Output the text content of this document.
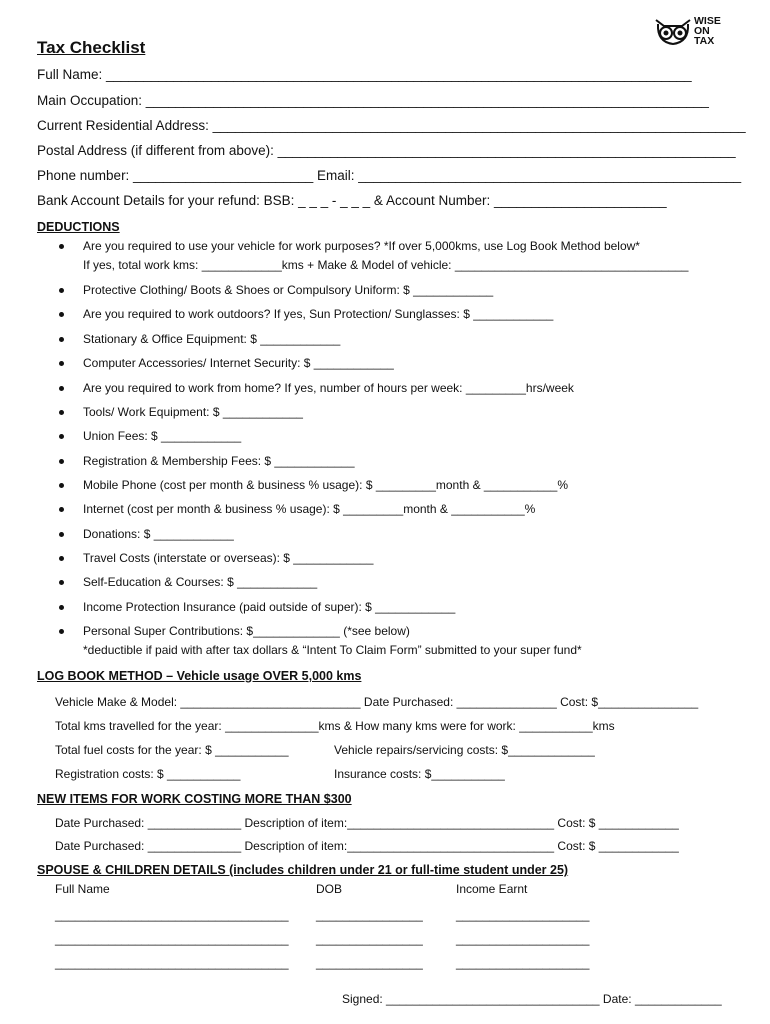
WISE
ON
TAX
Tax Checklist
Full Name: ______________________________________________________________________________
Main Occupation: ___________________________________________________________________________
Current Residential Address: _______________________________________________________________________
Postal Address (if different from above): _____________________________________________________________
Phone number: ________________________ Email: ___________________________________________________
Bank Account Details for your refund: BSB: _ _ _ - _ _ _ & Account Number: _______________________
DEDUCTIONS
Are you required to use your vehicle for work purposes? *If over 5,000kms, use Log Book Method below*
If yes, total work kms: ____________kms + Make & Model of vehicle: ___________________________________
Protective Clothing/ Boots & Shoes or Compulsory Uniform: $ ____________
Are you required to work outdoors? If yes, Sun Protection/ Sunglasses: $ ____________
Stationary & Office Equipment: $ ____________
Computer Accessories/ Internet Security: $ ____________
Are you required to work from home? If yes, number of hours per week: _________hrs/week
Tools/ Work Equipment: $ ____________
Union Fees: $ ____________
Registration & Membership Fees: $ ____________
Mobile Phone (cost per month & business % usage): $ _________month & ___________%
Internet (cost per month & business % usage): $ _________month & ___________%
Donations: $ ____________
Travel Costs (interstate or overseas): $ ____________
Self-Education & Courses: $ ____________
Income Protection Insurance (paid outside of super): $ ____________
Personal Super Contributions: $_____________ (*see below)
*deductible if paid with after tax dollars & “Intent To Claim Form” submitted to your super fund*
LOG BOOK METHOD – Vehicle usage OVER 5,000 kms
Vehicle Make & Model: ___________________________ Date Purchased: _______________ Cost: $_______________
Total kms travelled for the year: ______________kms & How many kms were for work: ___________kms
Total fuel costs for the year: $ ___________	Vehicle repairs/servicing costs: $_____________
Registration costs: $ ___________	Insurance costs: $___________
NEW ITEMS FOR WORK COSTING MORE THAN $300
Date Purchased: ______________ Description of item:_______________________________ Cost: $ ____________
Date Purchased: ______________ Description of item:_______________________________ Cost: $ ____________
SPOUSE & CHILDREN DETAILS (includes children under 21 or full-time student under 25)
Full Name	DOB	Income Earnt
___________________________________ ________________	____________________
___________________________________ ________________	____________________
___________________________________ ________________	____________________
Signed: ________________________________ Date: _____________
